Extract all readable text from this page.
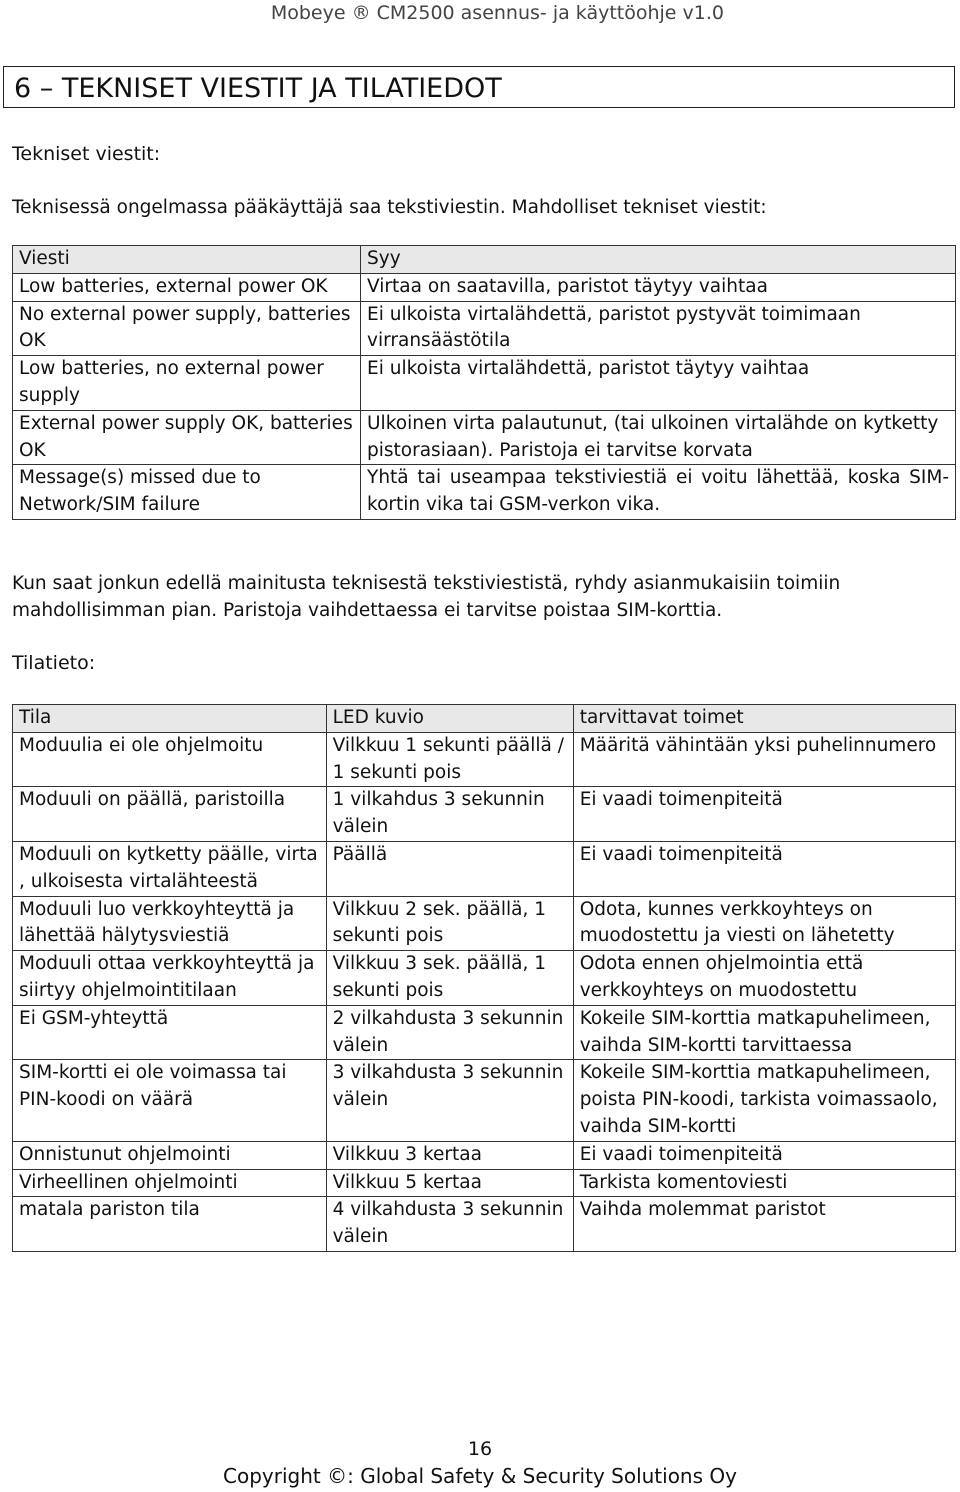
Mobeye ® CM2500 asennus- ja käyttöohje v1.0
6 – TEKNISET VIESTIT JA TILATIEDOT
Tekniset viestit:

Teknisessä ongelmassa pääkäyttäjä saa tekstiviestin. Mahdolliset tekniset viestit:

Viesti	Syy
Low batteries, external power OK	Virtaa on saatavilla, paristot täytyy vaihtaa
No external power supply, batteries OK	Ei ulkoista virtalähdettä, paristot pystyvät toimimaan virransäästötila
Low batteries, no external power supply	Ei ulkoista virtalähdettä, paristot täytyy vaihtaa
External power supply OK, batteries OK	Ulkoinen virta palautunut, (tai ulkoinen virtalähde on kytketty pistorasiaan). Paristoja ei tarvitse korvata
Message(s) missed due to Network/SIM failure	Yhtä tai useampaa tekstiviestiä ei voitu lähettää, koska SIM-kortin vika tai GSM-verkon vika.

Kun saat jonkun edellä mainitusta teknisestä tekstiviestistä, ryhdy asianmukaisiin toimiin mahdollisimman pian. Paristoja vaihdettaessa ei tarvitse poistaa SIM-korttia.

Tilatieto:
Tila	LED kuvio	tarvittavat toimet
Moduulia ei ole ohjelmoitu	Vilkkuu 1 sekunti päällä / 1 sekunti pois	Määritä vähintään yksi puhelinnumero
Moduuli on päällä, paristoilla	1 vilkahdus 3 sekunnin välein	Ei vaadi toimenpiteitä
Moduuli on kytketty päälle, virta , ulkoisesta virtalähteestä	Päällä	Ei vaadi toimenpiteitä
Moduuli luo verkkoyhteyttä ja lähettää hälytysviestiä	Vilkkuu 2 sek. päällä, 1 sekunti pois	Odota, kunnes verkkoyhteys on muodostettu ja viesti on lähetetty
Moduuli ottaa verkkoyhteyttä ja siirtyy ohjelmointitilaan	Vilkkuu 3 sek. päällä, 1 sekunti pois	Odota ennen ohjelmointia että verkkoyhteys on muodostettu
Ei GSM-yhteyttä	2 vilkahdusta 3 sekunnin välein	Kokeile SIM-korttia matkapuhelimeen, vaihda SIM-kortti tarvittaessa
SIM-kortti ei ole voimassa tai PIN-koodi on väärä	3 vilkahdusta 3 sekunnin välein	Kokeile SIM-korttia matkapuhelimeen, poista PIN-koodi, tarkista voimassaolo, vaihda SIM-kortti
Onnistunut ohjelmointi	Vilkkuu 3 kertaa	Ei vaadi toimenpiteitä
Virheellinen ohjelmointi	Vilkkuu 5 kertaa	Tarkista komentoviesti
matala pariston tila	4 vilkahdusta 3 sekunnin välein	Vaihda molemmat paristot
16
Copyright ©: Global Safety & Security Solutions Oy
